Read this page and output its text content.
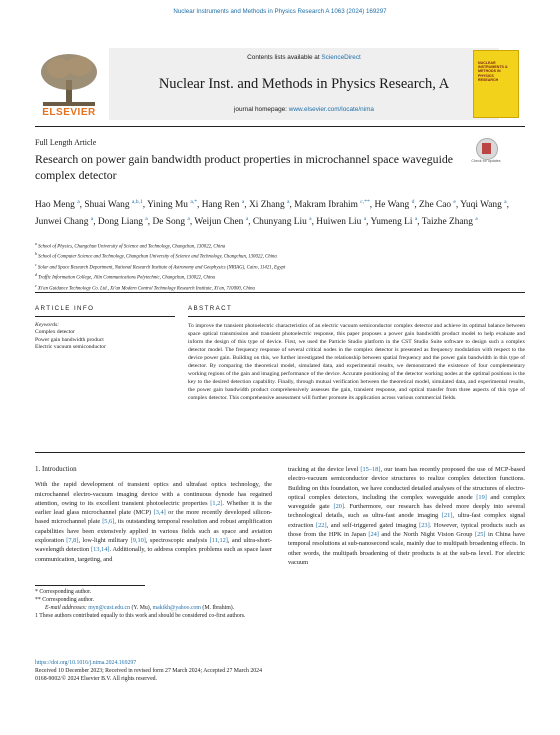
Nuclear Instruments and Methods in Physics Research A 1063 (2024) 169297
ELSEVIER
Contents lists available at ScienceDirect
Nuclear Inst. and Methods in Physics Research, A
journal homepage: www.elsevier.com/locate/nima
NUCLEAR INSTRUMENTS & METHODS IN PHYSICS RESEARCH
Full Length Article
Research on power gain bandwidth product properties in microchannel space waveguide complex detector
Check for updates
Hao Meng $^a$, Shuai Wang $^{a,b,1}$, Yining Mu $^{a,*}$, Hang Ren $^a$, Xi Zhang $^a$, Makram Ibrahim $^{c,**}$, He Wang $^d$, Zhe Cao $^e$, Yuqi Wang $^a$, Junwei Chang $^a$, Dong Liang $^a$, De Song $^a$, Weijun Chen $^a$, Chunyang Liu $^a$, Huiwen Liu $^a$, Yumeng Li $^a$, Taizhe Zhang $^a$
$^a$ School of Physics, Changchun University of Science and Technology, Changchun, 130022, China
$^b$ School of Computer Science and Technology, Changchun University of Science and Technology, Changchun, 130022, China
$^c$ Solar and Space Research Department, National Research Institute of Astronomy and Geophysics (NRIAG), Cairo, 11421, Egypt
$^d$ Traffic Information College, Jilin Communications Polytechnic, Changchun, 130022, China
$^e$ Xi'an Guidance Technology Co. Ltd., Xi'an Modern Control Technology Research Institute, Xi'an, 710000, China
ARTICLE INFO	ABSTRACT
Keywords:
Complex detector
Power gain bandwidth product
Electric vacuum semiconductor
To improve the transient photoelectric characteristics of an electric vacuum semiconductor complex detector and achieve its optimal balance between space optical transmission and transient photoelectric response, this paper proposes a power gain bandwidth product model to help evaluate and inform the design of this type of device. First, we used the Particle Studio platform in the CST Studio Suite software to design such a complex detector model. The frequency response of several critical nodes in the complex detector is presented as frequency modulation with respect to the device power gain. Building on this, we further investigated the relationship between spatial frequency and the power gain bandwidth in this type of detector. By comparing the theoretical model, simulated data, and experimental results, we demonstrated the existence of four complementary working regions of the gain and imaging performance of the device. Accurate positioning of the detector working nodes at the optimal positions is the key to the desired detection capability. Finally, through mutual verification between the theoretical model, simulated data, and experimental results, the power gain bandwidth product comprehensively assesses the gain, transient response, and optical transfer from three aspects of this type of complex detector. This comprehensive assessment will further promote its application across various commercial fields.
1. Introduction
With the rapid development of transient optics and ultrafast optics technology, the microchannel electro-vacuum imaging device with a continuous dynode has regained attention, owing to its excellent transient photoelectric properties [1,2]. Whether it is the earlier lead glass microchannel plate (MCP) [3,4] or the more recently developed silicon-based microchannel plate [5,6], its outstanding temporal resolution and robust amplification capabilities have been extensively applied in various fields such as space and aviation exploration [7,8], low-light military [9,10], spectroscopic analysis [11,12], and ultra-short-wavelength detection [13,14]. Additionally, to address complex problems such as space laser communication, targeting, and
tracking at the device level [15–18], our team has recently proposed the use of MCP-based electro-vacuum semiconductor device structures to realize complex detection functions. Building on this foundation, we have conducted detailed analyses of the structures of electro-optical complex detectors, including the complex waveguide anode [19] and complex waveguide gate [20]. Furthermore, our research has delved more deeply into several technological details, such as ultra-fast anode imaging [21], ultra-fast complex signal extraction [22], and self-triggered gated imaging [23]. However, typical products such as those from the HPK in Japan [24] and the North Night Vision Group [25] in China have temporal resolutions at sub-nanosecond scale, mainly due to multipath broadening effects. In other words, the multipath broadening of their products is at the sub-ns level. For electric vacuum
* Corresponding author.
** Corresponding author.
E-mail addresses: myn@cust.edu.cn (Y. Mu), makikh@yahoo.com (M. Ibrahim).
1 These authors contributed equally to this work and should be considered co-first authors.
https://doi.org/10.1016/j.nima.2024.169297
Received 10 December 2023; Received in revised form 27 March 2024; Accepted 27 March 2024
0168-9002/© 2024 Elsevier B.V. All rights reserved.
